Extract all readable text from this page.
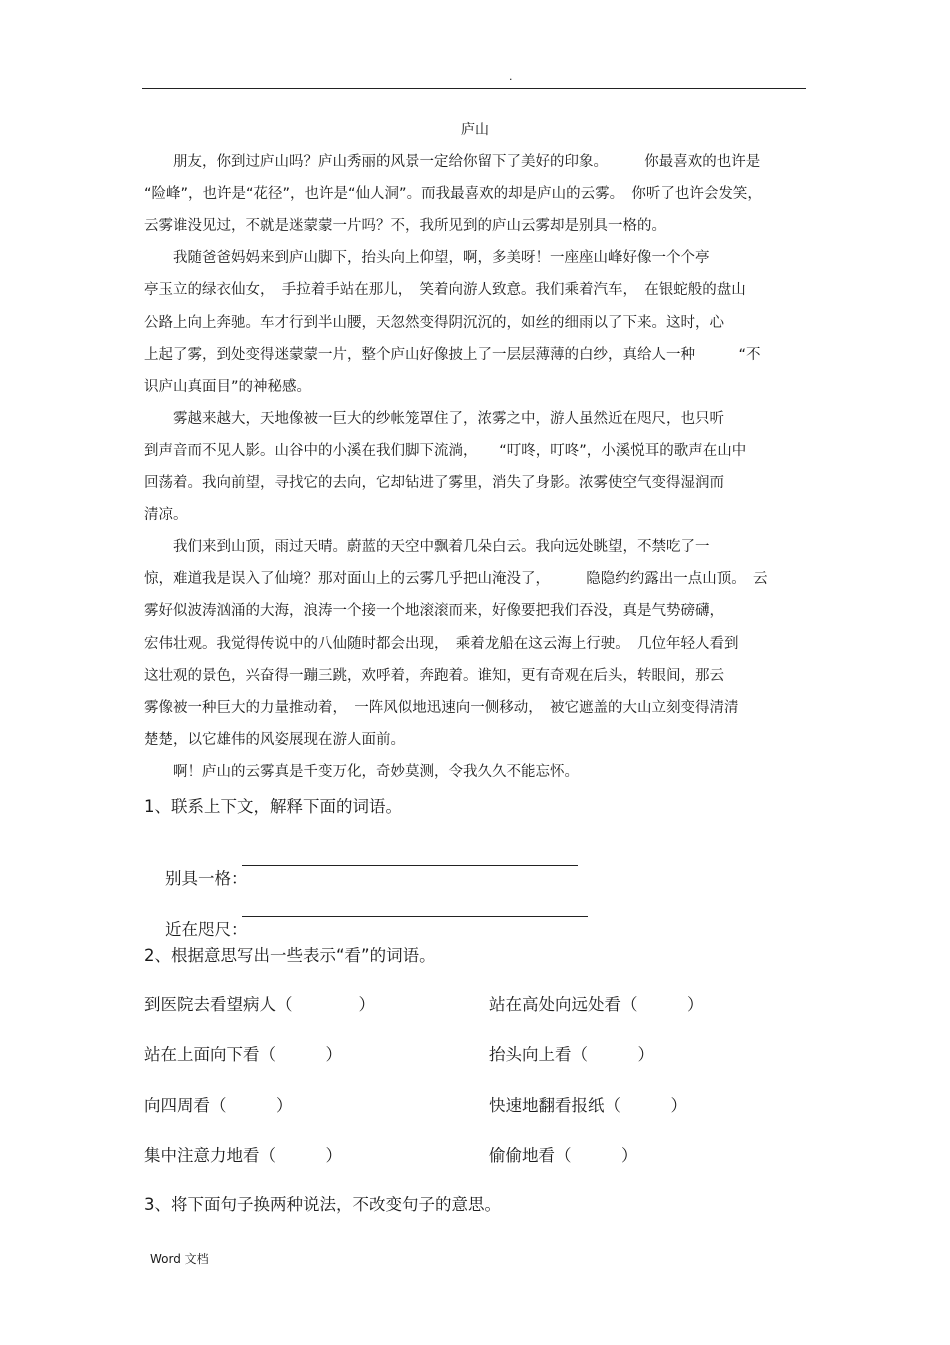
.
庐山
　　朋友，你到过庐山吗？庐山秀丽的风景一定给你留下了美好的印象。　　　你最喜欢的也许是
“险峰”，也许是“花径”，也许是“仙人洞”。而我最喜欢的却是庐山的云雾。　你听了也许会发笑，
云雾谁没见过，不就是迷蒙蒙一片吗？不，我所见到的庐山云雾却是别具一格的。
　　我随爸爸妈妈来到庐山脚下，抬头向上仰望，啊，多美呀！一座座山峰好像一个个亭
亭玉立的绿衣仙女，　手拉着手站在那儿，　笑着向游人致意。我们乘着汽车，　在银蛇般的盘山
公路上向上奔驰。车才行到半山腰，天忽然变得阴沉沉的，如丝的细雨以了下来。这时，心
上起了雾，到处变得迷蒙蒙一片，整个庐山好像披上了一层层薄薄的白纱，真给人一种　　　“不
识庐山真面目”的神秘感。
　　雾越来越大，天地像被一巨大的纱帐笼罩住了，浓雾之中，游人虽然近在咫尺，也只听
到声音而不见人影。山谷中的小溪在我们脚下流淌，　　“叮咚，叮咚”，小溪悦耳的歌声在山中
回荡着。我向前望，寻找它的去向，它却钻进了雾里，消失了身影。浓雾使空气变得湿润而
清凉。
　　我们来到山顶，雨过天晴。蔚蓝的天空中飘着几朵白云。我向远处眺望，不禁吃了一
惊，难道我是误入了仙境？那对面山上的云雾几乎把山淹没了，　　　隐隐约约露出一点山顶。　云
雾好似波涛汹涌的大海，浪涛一个接一个地滚滚而来，好像要把我们吞没，真是气势磅礴，
宏伟壮观。我觉得传说中的八仙随时都会出现，　乘着龙船在这云海上行驶。　几位年轻人看到
这壮观的景色，兴奋得一蹦三跳，欢呼着，奔跑着。谁知，更有奇观在后头，转眼间，那云
雾像被一种巨大的力量推动着，　一阵风似地迅速向一侧移动，　被它遮盖的大山立刻变得清清
楚楚，以它雄伟的风姿展现在游人面前。
　　啊！庐山的云雾真是千变万化，奇妙莫测，令我久久不能忘怀。
1、联系上下文，解释下面的词语。

别具一格：

近在咫尺：

2、根据意思写出一些表示“看”的词语。
到医院去看望病人（　　　　）
站在上面向下看（　　　）
向四周看（　　　）
集中注意力地看（　　　）
站在高处向远处看（　　　）
抬头向上看（　　　）
快速地翻看报纸（　　　）
偷偷地看（　　　）
3、将下面句子换两种说法，不改变句子的意思。
Word 文档
